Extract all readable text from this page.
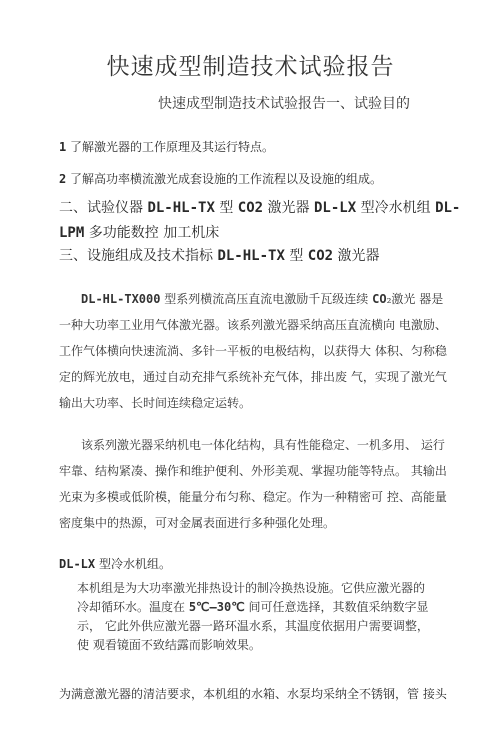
快速成型制造技术试验报告
快速成型制造技术试验报告一、试验目的
1 了解激光器的工作原理及其运行特点。
2 了解高功率横流激光成套设施的工作流程以及设施的组成。
二、试验仪器 DL-HL-TX 型 CO2 激光器 DL-LX 型冷水机组 DL-
LPM 多功能数控 加工机床
三、设施组成及技术指标 DL-HL-TX 型 CO2 激光器
DL-HL-TX000 型系列横流高压直流电激励千瓦级连续 CO₂激光 器是一种大功率工业用气体激光器。该系列激光器采纳高压直流横向 电激励、工作气体横向快速流淌、多针一平板的电极结构，以获得大 体积、匀称稳定的辉光放电，通过自动充排气系统补充气体，排出废 气，实现了激光气输出大功率、长时间连续稳定运转。
该系列激光器采纳机电一体化结构，具有性能稳定、一机多用、 运行牢靠、结构紧凑、操作和维护便利、外形美观、掌握功能等特点。 其输出光束为多模或低阶模，能量分布匀称、稳定。作为一种精密可 控、高能量密度集中的热源，可对金属表面进行多种强化处理。
DL-LX 型冷水机组。

本机组是为大功率激光排热设计的制冷换热设施。它供应激光器的

冷却循环水。温度在 5℃—30℃ 间可任意选择，其数值采纳数字显

示， 它此外供应激光器一路环温水系，其温度依据用户需要调整，

使 观看镜面不致结露而影响效果。

为满意激光器的清洁要求，本机组的水箱、水泵均采纳全不锈钢，管 接头
